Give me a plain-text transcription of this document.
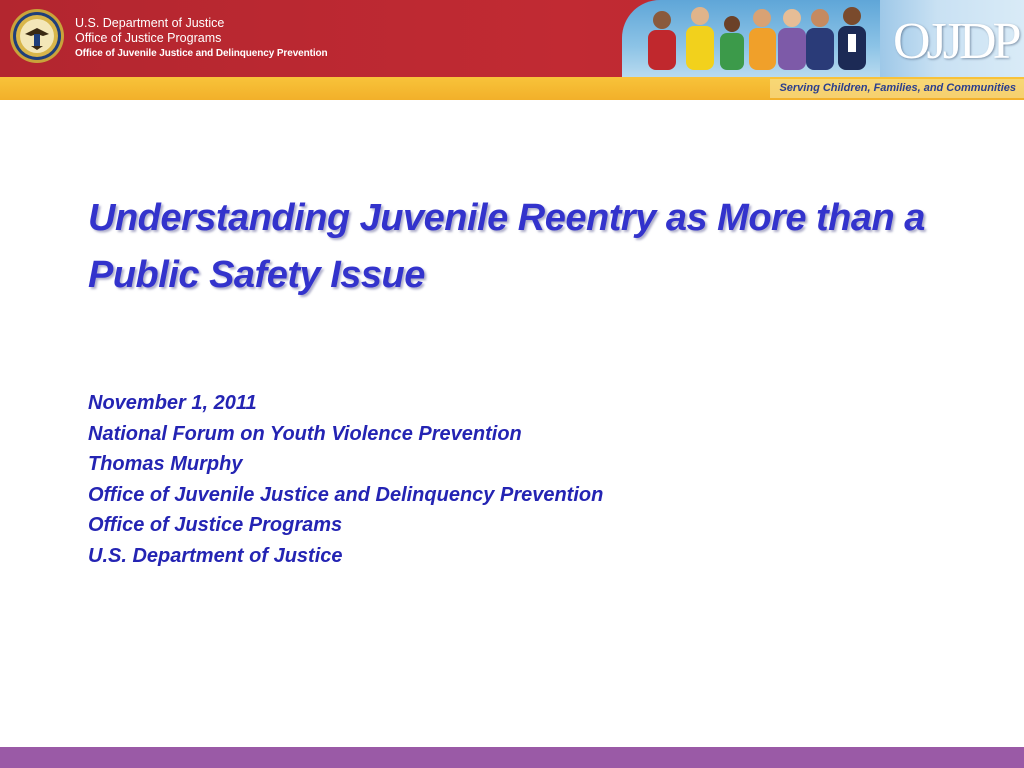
U.S. Department of Justice
Office of Justice Programs
Office of Juvenile Justice and Delinquency Prevention	OJJDP
Serving Children, Families, and Communities
Understanding Juvenile Reentry as More than a
Public Safety Issue
November 1, 2011
National Forum on Youth Violence Prevention
Thomas Murphy
Office of Juvenile Justice and Delinquency Prevention
Office of Justice Programs
U.S. Department of Justice
